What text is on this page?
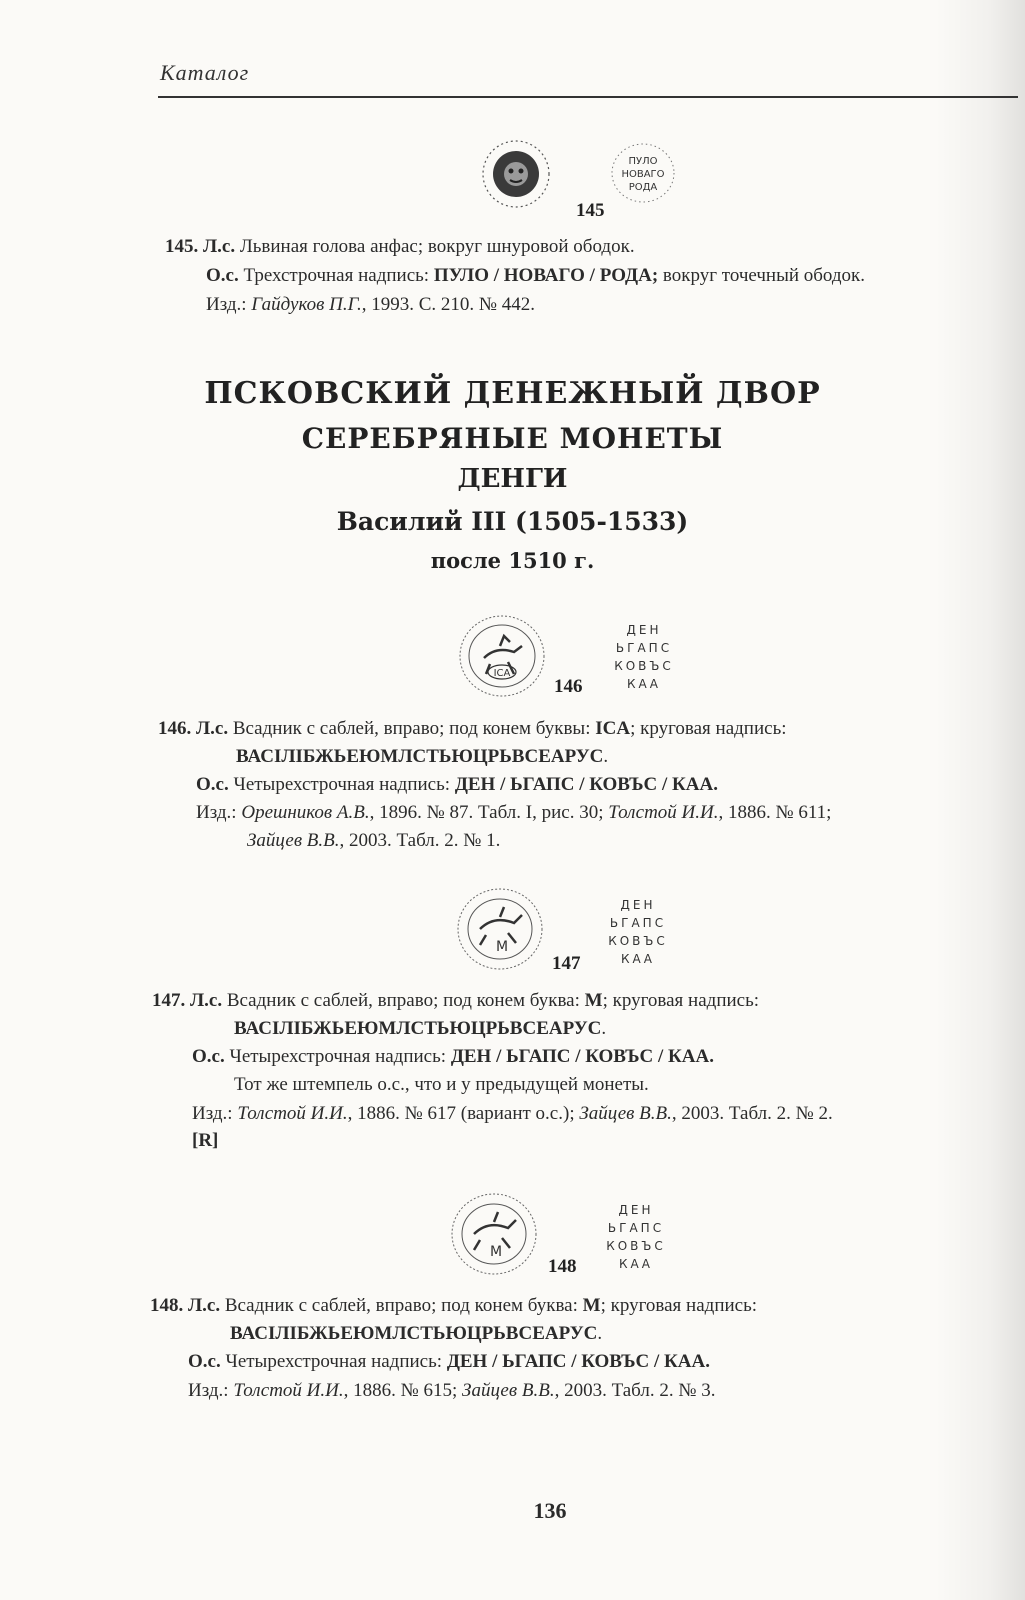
Каталог
ПУЛО
НОВАГО
РОДА
145
145. Л.с. Львиная голова анфас; вокруг шнуровой ободок.
О.с. Трехстрочная надпись: ПУЛО / НОВАГО / РОДА; вокруг точечный ободок.
Изд.: Гайдуков П.Г., 1993. С. 210. № 442.
ПСКОВСКИЙ ДЕНЕЖНЫЙ ДВОР
СЕРЕБРЯНЫЕ МОНЕТЫ
ДЕНГИ
Василий III (1505-1533)
после 1510 г.
ICA
ДЕН
ЬГАПС
КОВЪС
КАА
146
146. Л.с. Всадник с саблей, вправо; под конем буквы: ICA; круговая надпись:
ВАСIЛIБЖЬЕЮМЛСТЬЮЦРЬВСЕАРУС.
О.с. Четырехстрочная надпись: ДЕН / ЬГАПС / КОВЪС / КАА.
Изд.: Орешников А.В., 1896. № 87. Табл. I, рис. 30; Толстой И.И., 1886. № 611;
Зайцев В.В., 2003. Табл. 2. № 1.
M
ДЕН
ЬГАПС
КОВЪС
КАА
147
147. Л.с. Всадник с саблей, вправо; под конем буква: М; круговая надпись:
ВАСIЛIБЖЬЕЮМЛСТЬЮЦРЬВСЕАРУС.
О.с. Четырехстрочная надпись: ДЕН / ЬГАПС / КОВЪС / КАА.
Тот же штемпель о.с., что и у предыдущей монеты.
Изд.: Толстой И.И., 1886. № 617 (вариант о.с.); Зайцев В.В., 2003. Табл. 2. № 2.
[R]
M
ДЕН
ЬГАПС
КОВЪС
КАА
148
148. Л.с. Всадник с саблей, вправо; под конем буква: М; круговая надпись:
ВАСIЛIБЖЬЕЮМЛСТЬЮЦРЬВСЕАРУС.
О.с. Четырехстрочная надпись: ДЕН / ЬГАПС / КОВЪС / КАА.
Изд.: Толстой И.И., 1886. № 615; Зайцев В.В., 2003. Табл. 2. № 3.
136
